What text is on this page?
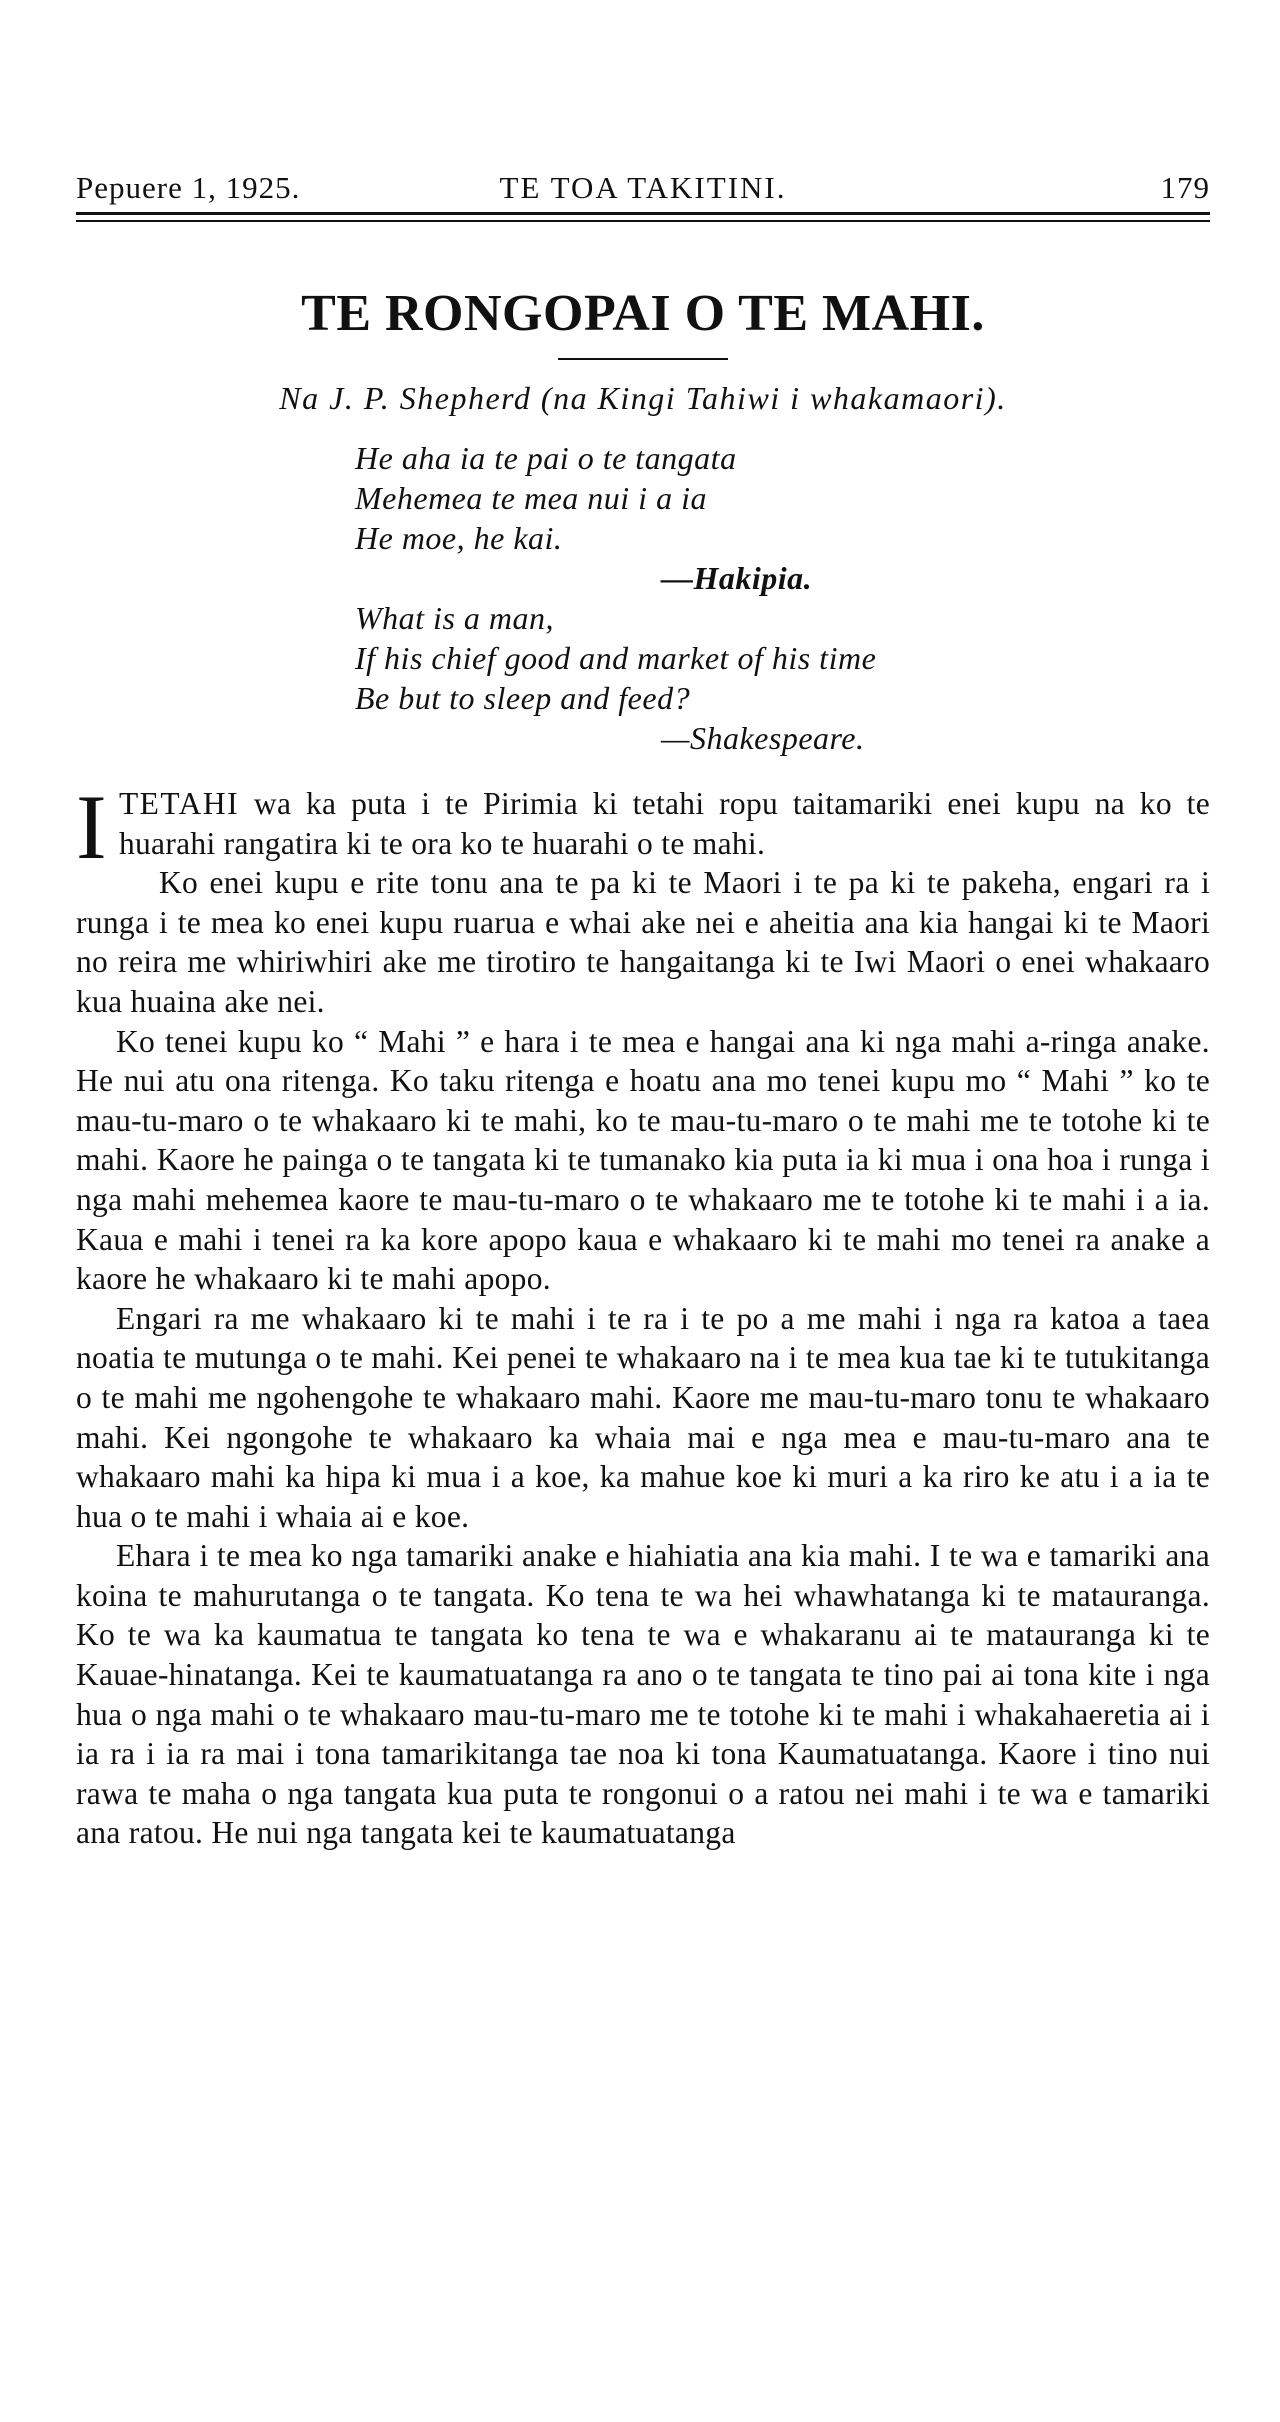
Pepuere 1, 1925.	TE TOA TAKITINI.	179
TE RONGOPAI O TE MAHI.
Na J. P. Shepherd (na Kingi Tahiwi i whakamaori).
He aha ia te pai o te tangata
Mehemea te mea nui i a ia
He moe, he kai.
—Hakipia.
What is a man,
If his chief good and market of his time
Be but to sleep and feed?
—Shakespeare.

ITETAHI wa ka puta i te Pirimia ki tetahi ropu taitamariki enei kupu na ko te huarahi rangatira ki te ora ko te huarahi o te mahi.

Ko enei kupu e rite tonu ana te pa ki te Maori i te pa ki te pakeha, engari ra i runga i te mea ko enei kupu ruarua e whai ake nei e aheitia ana kia hangai ki te Maori no reira me whiriwhiri ake me tirotiro te hangaitanga ki te Iwi Maori o enei whakaaro kua huaina ake nei.

Ko tenei kupu ko “ Mahi ” e hara i te mea e hangai ana ki nga mahi a-ringa anake. He nui atu ona ritenga. Ko taku ritenga e hoatu ana mo tenei kupu mo “ Mahi ” ko te mau-tu-maro o te whakaaro ki te mahi, ko te mau-tu-maro o te mahi me te totohe ki te mahi. Kaore he painga o te tangata ki te tumanako kia puta ia ki mua i ona hoa i runga i nga mahi mehemea kaore te mau-tu-maro o te whakaaro me te totohe ki te mahi i a ia. Kaua e mahi i tenei ra ka kore apopo kaua e whakaaro ki te mahi mo tenei ra anake a kaore he whakaaro ki te mahi apopo.

Engari ra me whakaaro ki te mahi i te ra i te po a me mahi i nga ra katoa a taea noatia te mutunga o te mahi. Kei penei te whakaaro na i te mea kua tae ki te tutukitanga o te mahi me ngohengohe te whakaaro mahi. Kaore me mau-tu-maro tonu te whakaaro mahi. Kei ngongohe te whakaaro ka whaia mai e nga mea e mau-tu-maro ana te whakaaro mahi ka hipa ki mua i a koe, ka mahue koe ki muri a ka riro ke atu i a ia te hua o te mahi i whaia ai e koe.

Ehara i te mea ko nga tamariki anake e hiahiatia ana kia mahi. I te wa e tamariki ana koina te mahurutanga o te tangata. Ko tena te wa hei whawhatanga ki te matauranga. Ko te wa ka kaumatua te tangata ko tena te wa e whakaranu ai te matauranga ki te Kauae-hinatanga. Kei te kaumatuatanga ra ano o te tangata te tino pai ai tona kite i nga hua o nga mahi o te whakaaro mau-tu-maro me te totohe ki te mahi i whakahaeretia ai i ia ra i ia ra mai i tona tamarikitanga tae noa ki tona Kaumatuatanga. Kaore i tino nui rawa te maha o nga tangata kua puta te rongonui o a ratou nei mahi i te wa e tamariki ana ratou. He nui nga tangata kei te kaumatuatanga
